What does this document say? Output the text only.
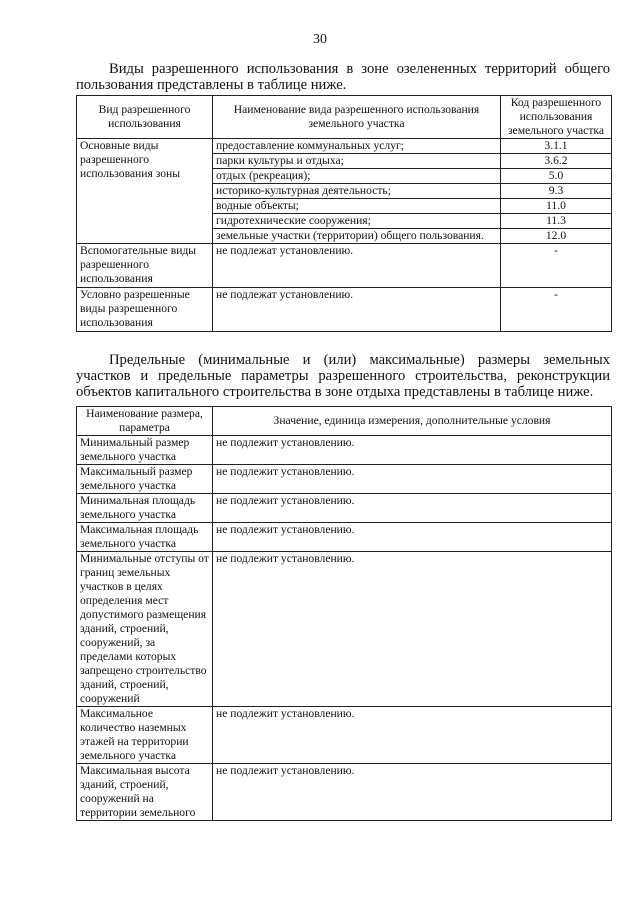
30

Виды разрешенного использования в зоне озелененных территорий общего пользования представлены в таблице ниже.

Вид разрешенного использования	Наименование вида разрешенного использования земельного участка	Код разрешенного использования земельного участка
Основные виды разрешенного использования зоны	предоставление коммунальных услуг;	3.1.1
	парки культуры и отдыха;	3.6.2
	отдых (рекреация);	5.0
	историко-культурная деятельность;	9.3
	водные объекты;	11.0
	гидротехнические сооружения;	11.3
	земельные участки (территории) общего пользования.	12.0
Вспомогательные виды разрешенного использования	не подлежат установлению.	-
Условно разрешенные виды разрешенного использования	не подлежат установлению.	-

Предельные (минимальные и (или) максимальные) размеры земельных участков и предельные параметры разрешенного строительства, реконструкции объектов капитального строительства в зоне отдыха представлены в таблице ниже.

Наименование размера, параметра	Значение, единица измерения, дополнительные условия
Минимальный размер земельного участка	не подлежит установлению.
Максимальный размер земельного участка	не подлежит установлению.
Минимальная площадь земельного участка	не подлежит установлению.
Максимальная площадь земельного участка	не подлежит установлению.
Минимальные отступы от границ земельных участков в целях определения мест допустимого размещения зданий, строений, сооружений, за пределами которых запрещено строительство зданий, строений, сооружений	не подлежит установлению.
Максимальное количество наземных этажей на территории земельного участка	не подлежит установлению.
Максимальная высота зданий, строений, сооружений на территории земельного	не подлежит установлению.
